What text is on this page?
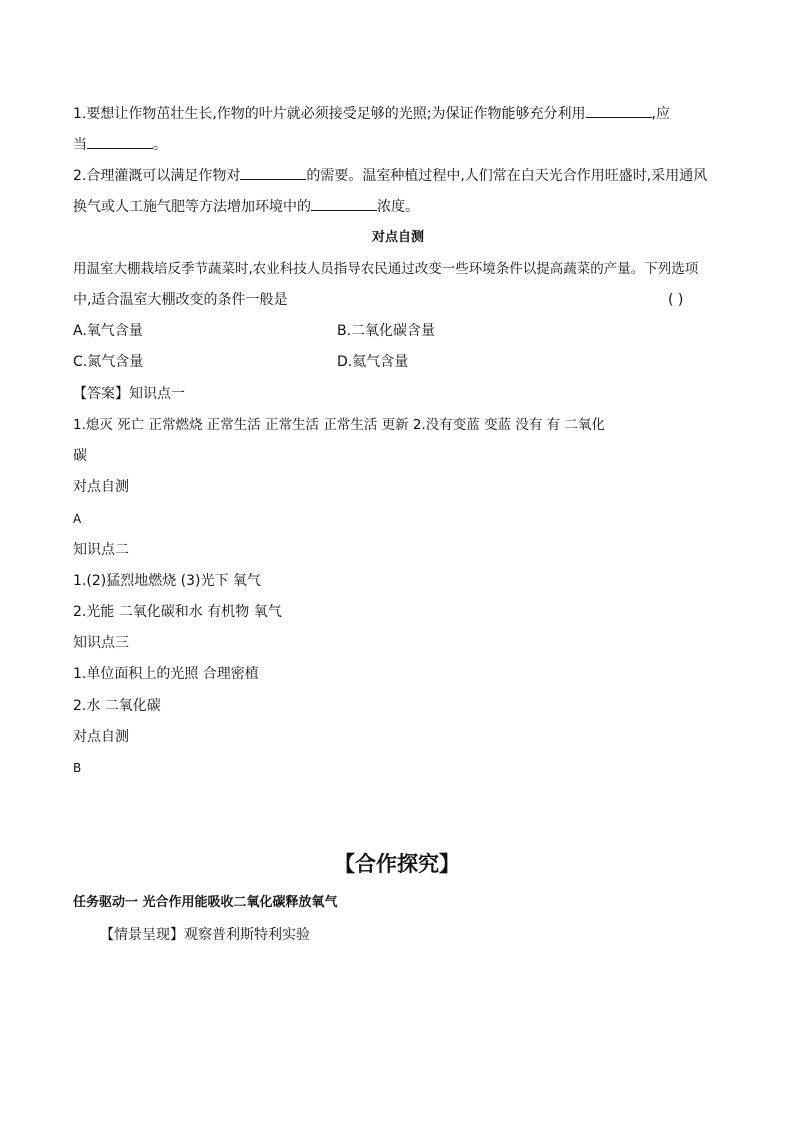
1.要想让作物茁壮生长,作物的叶片就必须接受足够的光照;为保证作物能够充分利用	,应
当	。
2.合理灌溉可以满足作物对	的需要。温室种植过程中,人们常在白天光合作用旺盛时,采用通风
换气或人工施气肥等方法增加环境中的	浓度。
对点自测
用温室大棚栽培反季节蔬菜时,农业科技人员指导农民通过改变一些环境条件以提高蔬菜的产量。下列选项
中,适合温室大棚改变的条件一般是	( )
A.氧气含量	B.二氧化碳含量
C.氮气含量	D.氦气含量
【答案】知识点一
1.熄灭 死亡 正常燃烧 正常生活 正常生活 正常生活 更新 2.没有变蓝 变蓝 没有 有 二氧化
碳
对点自测
A
知识点二
1.(2)猛烈地燃烧 (3)光下 氧气
2.光能 二氧化碳和水 有机物 氧气
知识点三
1.单位面积上的光照 合理密植
2.水 二氧化碳
对点自测
B
【合作探究】
任务驱动一 光合作用能吸收二氧化碳释放氧气
【情景呈现】观察普利斯特利实验
